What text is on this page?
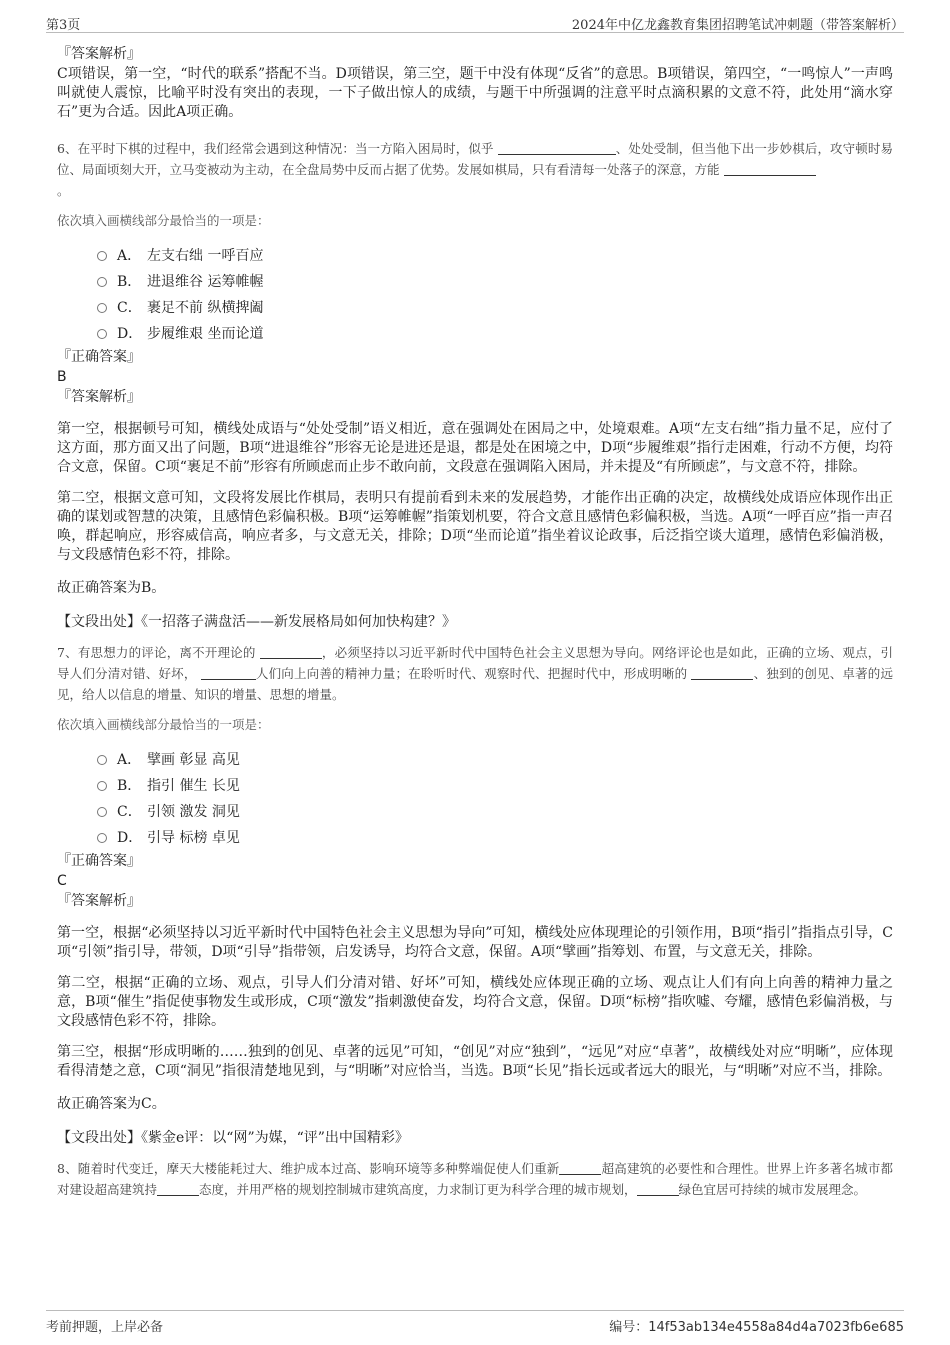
第3页	2024年中亿龙鑫教育集团招聘笔试冲刺题（带答案解析）

『答案解析』

C项错误，第一空，“时代的联系”搭配不当。D项错误，第三空，题干中没有体现“反省”的意思。B项错误，第四空，“一鸣惊人”一声鸣叫就使人震惊，比喻平时没有突出的表现，一下子做出惊人的成绩，与题干中所强调的注意平时点滴积累的文意不符，此处用“滴水穿石”更为合适。因此A项正确。

6、在平时下棋的过程中，我们经常会遇到这种情况：当一方陷入困局时，似乎	、处处受制，但当他下出一步妙棋后，攻守顿时易位、局面顷刻大开，立马变被动为主动，在全盘局势中反而占据了优势。发展如棋局，只有看清每一处落子的深意，方能
。

依次填入画横线部分最恰当的一项是：

A． 左支右绌 一呼百应
B． 进退维谷 运筹帷幄
C． 裹足不前 纵横捭阖
D． 步履维艰 坐而论道

『正确答案』

B

『答案解析』

第一空，根据顿号可知，横线处成语与“处处受制”语义相近，意在强调处在困局之中，处境艰难。A项“左支右绌”指力量不足，应付了这方面，那方面又出了问题，B项“进退维谷”形容无论是进还是退，都是处在困境之中，D项“步履维艰”指行走困难，行动不方便，均符合文意，保留。C项“裹足不前”形容有所顾虑而止步不敢向前，文段意在强调陷入困局，并未提及“有所顾虑”，与文意不符，排除。

第二空，根据文意可知，文段将发展比作棋局，表明只有提前看到未来的发展趋势，才能作出正确的决定，故横线处成语应体现作出正确的谋划或智慧的决策，且感情色彩偏积极。B项“运筹帷幄”指策划机要，符合文意且感情色彩偏积极，当选。A项“一呼百应”指一声召唤，群起响应，形容威信高，响应者多，与文意无关，排除；D项“坐而论道”指坐着议论政事，后泛指空谈大道理，感情色彩偏消极，与文段感情色彩不符，排除。

故正确答案为B。

【文段出处】《一招落子满盘活——新发展格局如何加快构建？》

7、有思想力的评论，离不开理论的	，必须坚持以习近平新时代中国特色社会主义思想为导向。网络评论也是如此，正确的立场、观点，引导人们分清对错、好坏，	人们向上向善的精神力量；在聆听时代、观察时代、把握时代中，形成明晰的	、独到的创见、卓著的远见，给人以信息的增量、知识的增量、思想的增量。

依次填入画横线部分最恰当的一项是：

A． 擘画 彰显 高见
B． 指引 催生 长见
C． 引领 激发 洞见
D． 引导 标榜 卓见

『正确答案』

C

『答案解析』

第一空，根据“必须坚持以习近平新时代中国特色社会主义思想为导向”可知，横线处应体现理论的引领作用，B项“指引”指指点引导，C项“引领”指引导，带领，D项“引导”指带领，启发诱导，均符合文意，保留。A项“擘画”指筹划、布置，与文意无关，排除。

第二空，根据“正确的立场、观点，引导人们分清对错、好坏”可知，横线处应体现正确的立场、观点让人们有向上向善的精神力量之意，B项“催生”指促使事物发生或形成，C项“激发”指刺激使奋发，均符合文意，保留。D项“标榜”指吹嘘、夸耀，感情色彩偏消极，与文段感情色彩不符，排除。

第三空，根据“形成明晰的……独到的创见、卓著的远见”可知，“创见”对应“独到”，“远见”对应“卓著”，故横线处对应“明晰”，应体现看得清楚之意，C项“洞见”指很清楚地见到，与“明晰”对应恰当，当选。B项“长见”指长远或者远大的眼光，与“明晰”对应不当，排除。

故正确答案为C。

【文段出处】《紫金e评：以“网”为媒，“评”出中国精彩》

8、随着时代变迁，摩天大楼能耗过大、维护成本过高、影响环境等多种弊端促使人们重新	超高建筑的必要性和合理性。世界上许多著名城市都对建设超高建筑持	态度，并用严格的规划控制城市建筑高度，力求制订更为科学合理的城市规划，	绿色宜居可持续的城市发展理念。

考前押题，上岸必备	编号：14f53ab134e4558a84d4a7023fb6e685
